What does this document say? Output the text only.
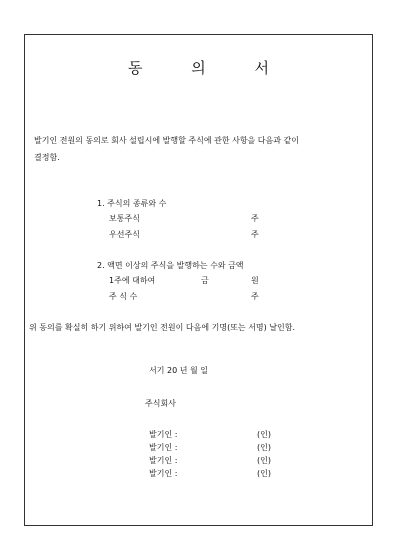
동 의 서
발기인 전원의 동의로 회사 설립시에 발행할 주식에 관한 사항을 다음과 같이
결정함.
1. 주식의 종류와 수
보통주식	주
우선주식	주
2. 액면 이상의 주식을 발행하는 수와 금액
1주에 대하여	금	원
주 식 수	주
위 동의를 확실히 하기 위하여 발기인 전원이 다음에 기명(또는 서명) 날인함.
서기 20 년 월 일
주식회사
발기인 :	(인)
발기인 :	(인)
발기인 :	(인)
발기인 :	(인)
